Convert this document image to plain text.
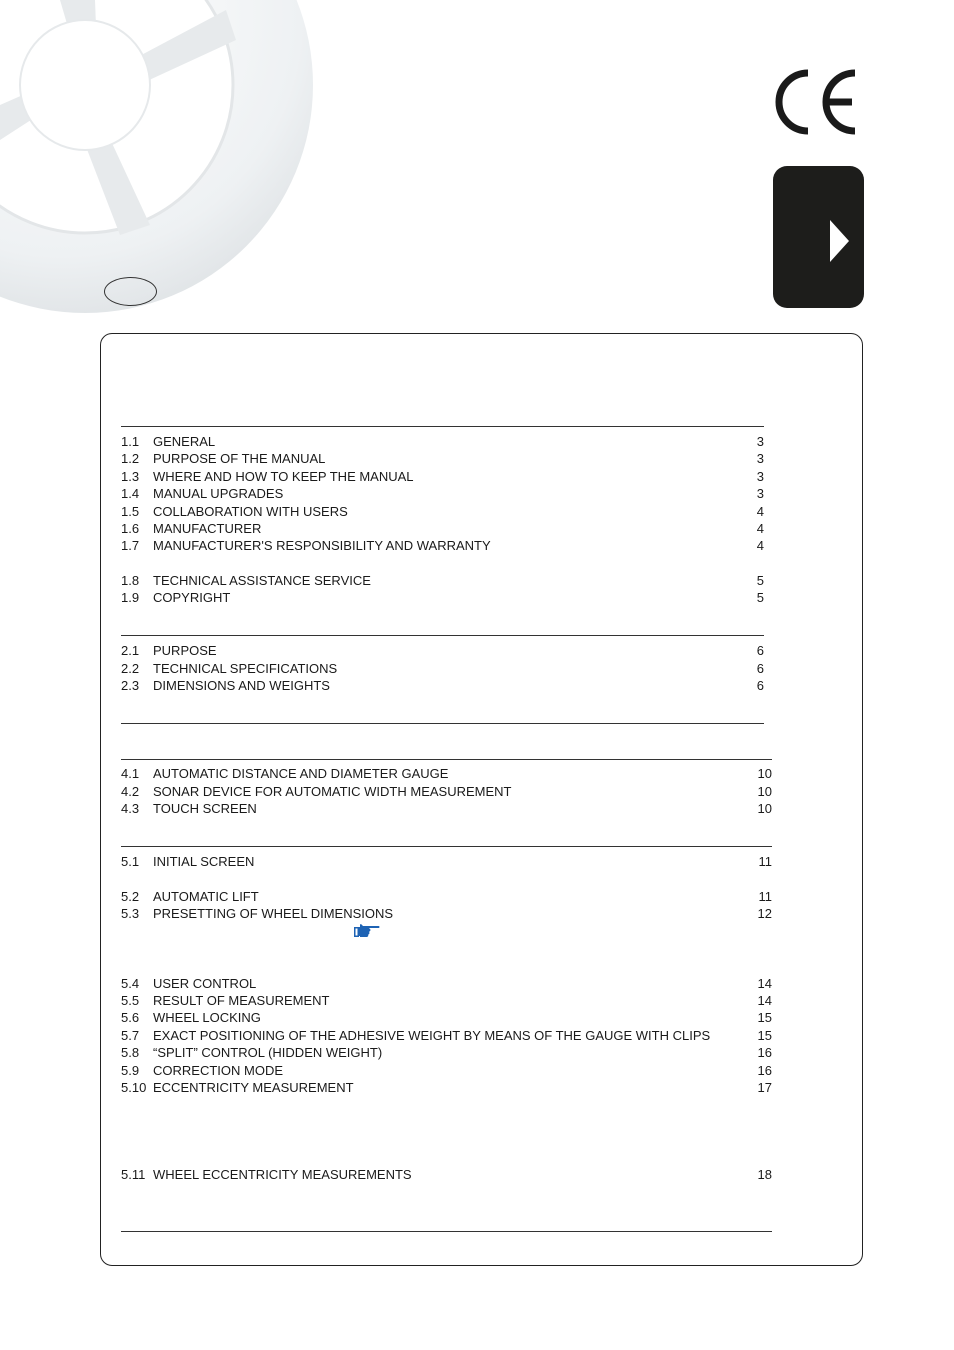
1.1 GENERAL	3
1.2 PURPOSE OF THE MANUAL	3
1.3 WHERE AND HOW TO KEEP THE MANUAL	3
1.4 MANUAL UPGRADES	3
1.5 COLLABORATION WITH USERS	4
1.6 MANUFACTURER	4
1.7 MANUFACTURER'S RESPONSIBILITY AND WARRANTY	4
1.8 TECHNICAL ASSISTANCE SERVICE	5
1.9 COPYRIGHT	5
2.1 PURPOSE	6
2.2 TECHNICAL SPECIFICATIONS	6
2.3 DIMENSIONS AND WEIGHTS	6
4.1 AUTOMATIC DISTANCE AND DIAMETER GAUGE	10
4.2 SONAR DEVICE FOR AUTOMATIC WIDTH MEASUREMENT	10
4.3 TOUCH SCREEN	10
5.1 INITIAL SCREEN	11
5.2 AUTOMATIC LIFT	11
5.3 PRESETTING OF WHEEL DIMENSIONS	12
5.4 USER CONTROL	14
5.5 RESULT OF MEASUREMENT	14
5.6 WHEEL LOCKING	15
5.7 EXACT POSITIONING OF THE ADHESIVE WEIGHT BY MEANS OF THE GAUGE WITH CLIPS	15
5.8 “SPLIT” CONTROL (HIDDEN WEIGHT)	16
5.9 CORRECTION MODE	16
5.10 ECCENTRICITY MEASUREMENT	17
5.11 WHEEL ECCENTRICITY MEASUREMENTS	18
